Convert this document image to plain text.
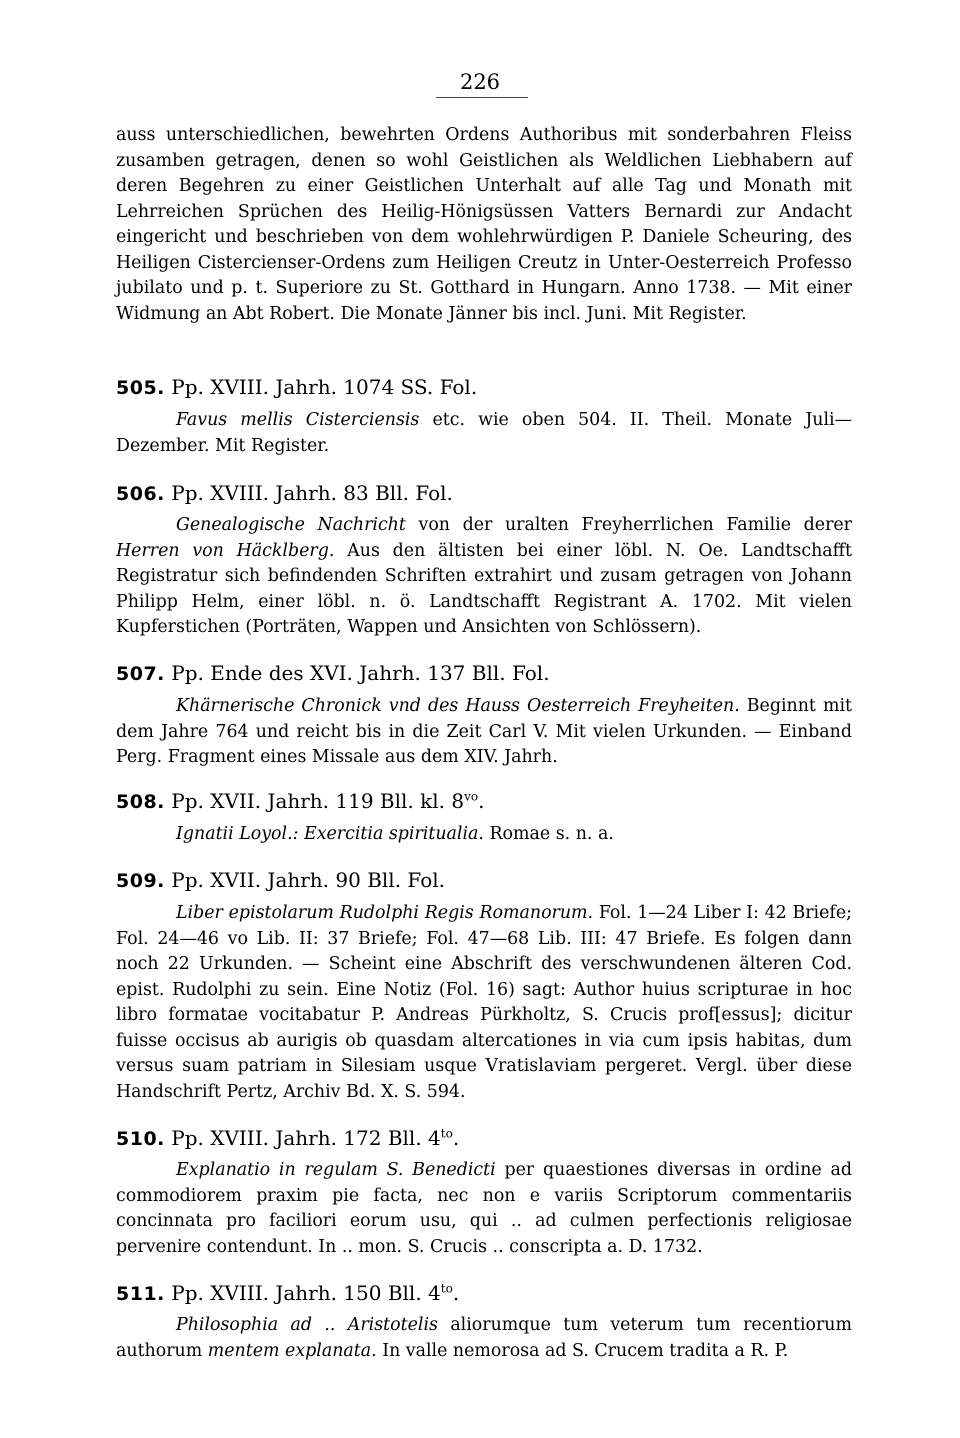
226

auss unterschiedlichen, bewehrten Ordens Authoribus mit sonderbahren Fleiss zusamben getragen, denen so wohl Geistlichen als Weldlichen Liebhabern auf deren Begehren zu einer Geistlichen Unterhalt auf alle Tag und Monath mit Lehrreichen Sprüchen des Heilig-Hönigsüssen Vatters Bernardi zur Andacht eingericht und beschrieben von dem wohlehrwürdigen P. Daniele Scheuring, des Heiligen Cistercienser-Ordens zum Heiligen Creutz in Unter-Oesterreich Professo jubilato und p. t. Superiore zu St. Gotthard in Hungarn. Anno 1738. — Mit einer Widmung an Abt Robert. Die Monate Jänner bis incl. Juni. Mit Register.

505. Pp. XVIII. Jahrh. 1074 SS. Fol.

Favus mellis Cisterciensis etc. wie oben 504. II. Theil. Monate Juli—Dezember. Mit Register.

506. Pp. XVIII. Jahrh. 83 Bll. Fol.

Genealogische Nachricht von der uralten Freyherrlichen Familie derer Herren von Häcklberg. Aus den ältisten bei einer löbl. N. Oe. Landtschafft Registratur sich befindenden Schriften extrahirt und zusam getragen von Johann Philipp Helm, einer löbl. n. ö. Landtschafft Registrant A. 1702. Mit vielen Kupferstichen (Porträten, Wappen und Ansichten von Schlössern).

507. Pp. Ende des XVI. Jahrh. 137 Bll. Fol.

Khärnerische Chronick vnd des Hauss Oesterreich Freyheiten. Beginnt mit dem Jahre 764 und reicht bis in die Zeit Carl V. Mit vielen Urkunden. — Einband Perg. Fragment eines Missale aus dem XIV. Jahrh.

508. Pp. XVII. Jahrh. 119 Bll. kl. $8^{vo}$.

Ignatii Loyol.: Exercitia spiritualia. Romae s. n. a.

509. Pp. XVII. Jahrh. 90 Bll. Fol.

Liber epistolarum Rudolphi Regis Romanorum. Fol. 1—24 Liber I: 42 Briefe; Fol. 24—46 vo Lib. II: 37 Briefe; Fol. 47—68 Lib. III: 47 Briefe. Es folgen dann noch 22 Urkunden. — Scheint eine Abschrift des verschwundenen älteren Cod. epist. Rudolphi zu sein. Eine Notiz (Fol. 16) sagt: Author huius scripturae in hoc libro formatae vocitabatur P. Andreas Pürkholtz, S. Crucis prof[essus]; dicitur fuisse occisus ab aurigis ob quasdam altercationes in via cum ipsis habitas, dum versus suam patriam in Silesiam usque Vratislaviam pergeret. Vergl. über diese Handschrift Pertz, Archiv Bd. X. S. 594.

510. Pp. XVIII. Jahrh. 172 Bll. $4^{to}$.

Explanatio in regulam S. Benedicti per quaestiones diversas in ordine ad commodiorem praxim pie facta, nec non e variis Scriptorum commentariis concinnata pro faciliori eorum usu, qui .. ad culmen perfectionis religiosae pervenire contendunt. In .. mon. S. Crucis .. conscripta a. D. 1732.

511. Pp. XVIII. Jahrh. 150 Bll. $4^{to}$.

Philosophia ad .. Aristotelis aliorumque tum veterum tum recentiorum authorum mentem explanata. In valle nemorosa ad S. Crucem tradita a R. P.
